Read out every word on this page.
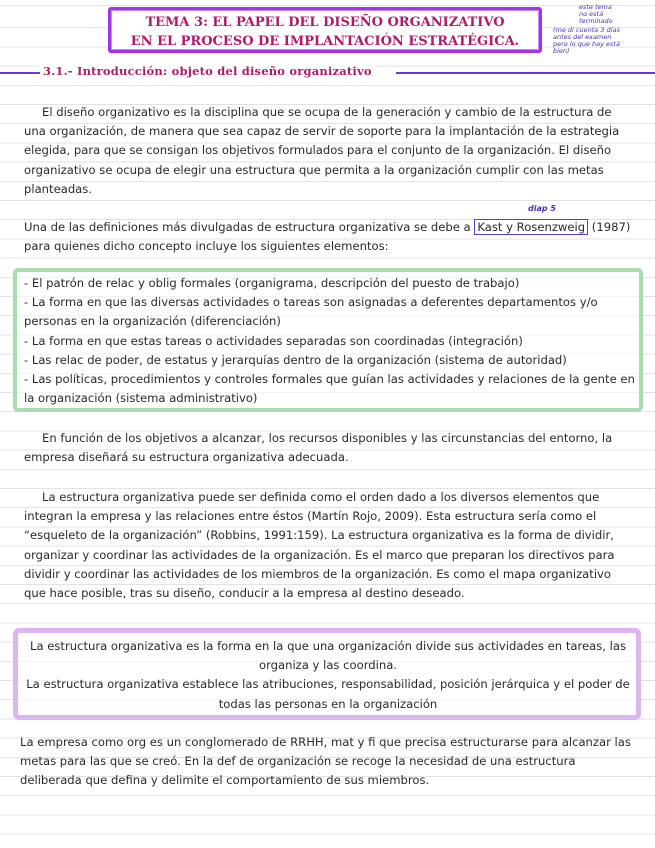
TEMA 3: EL PAPEL DEL DISEÑO ORGANIZATIVO
EN EL PROCESO DE IMPLANTACIÓN ESTRATÉGICA.
este tema
no está
terminado
(me di cuenta 3 días
antes del examen
pero lo que hay está
bien)
3.1.- Introducción: objeto del diseño organizativo
El diseño organizativo es la disciplina que se ocupa de la generación y cambio de la estructura de una organización, de manera que sea capaz de servir de soporte para la implantación de la estrategia elegida, para que se consigan los objetivos formulados para el conjunto de la organización. El diseño organizativo se ocupa de elegir una estructura que permita a la organización cumplir con las metas planteadas.
diap 5
Una de las definiciones más divulgadas de estructura organizativa se debe a Kast y Rosenzweig (1987) para quienes dicho concepto incluye los siguientes elementos:
- El patrón de relac y oblig formales (organigrama, descripción del puesto de trabajo)
- La forma en que las diversas actividades o tareas son asignadas a deferentes departamentos y/o personas en la organización (diferenciación)
- La forma en que estas tareas o actividades separadas son coordinadas (integración)
- Las relac de poder, de estatus y jerarquías dentro de la organización (sistema de autoridad)
- Las políticas, procedimientos y controles formales que guían las actividades y relaciones de la gente en la organización (sistema administrativo)
En función de los objetivos a alcanzar, los recursos disponibles y las circunstancias del entorno, la empresa diseñará su estructura organizativa adecuada.
La estructura organizativa puede ser definida como el orden dado a los diversos elementos que integran la empresa y las relaciones entre éstos (Martín Rojo, 2009). Esta estructura sería como el “esqueleto de la organización” (Robbins, 1991:159). La estructura organizativa es la forma de dividir, organizar y coordinar las actividades de la organización. Es el marco que preparan los directivos para dividir y coordinar las actividades de los miembros de la organización. Es como el mapa organizativo que hace posible, tras su diseño, conducir a la empresa al destino deseado.
La estructura organizativa es la forma en la que una organización divide sus actividades en tareas, las organiza y las coordina.
La estructura organizativa establece las atribuciones, responsabilidad, posición jerárquica y el poder de todas las personas en la organización
La empresa como org es un conglomerado de RRHH, mat y fi que precisa estructurarse para alcanzar las metas para las que se creó. En la def de organización se recoge la necesidad de una estructura deliberada que defina y delimite el comportamiento de sus miembros.
